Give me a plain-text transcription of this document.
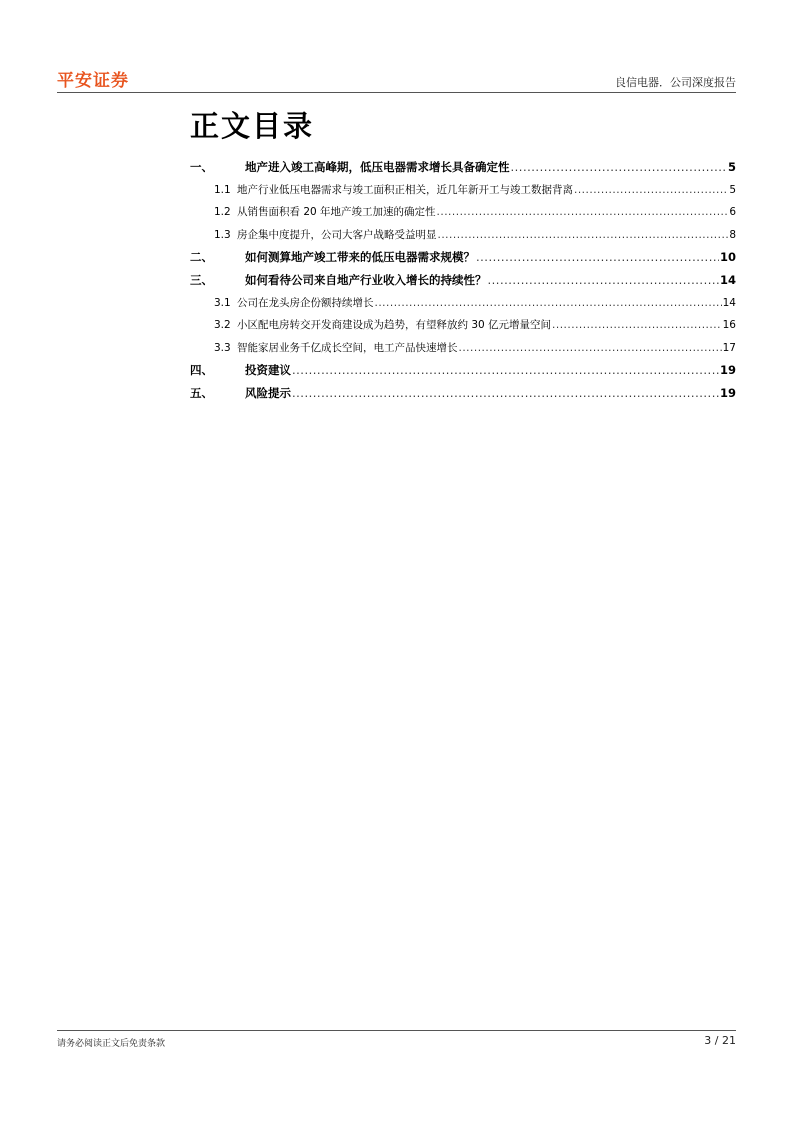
平安证券	良信电器．公司深度报告
正文目录
一、	地产进入竣工高峰期，低压电器需求增长具备确定性 .....	5
1.1 地产行业低压电器需求与竣工面积正相关，近几年新开工与竣工数据背离 .....	5
1.2 从销售面积看 20 年地产竣工加速的确定性 .....	6
1.3 房企集中度提升，公司大客户战略受益明显 .....	8
二、	如何测算地产竣工带来的低压电器需求规模？ .....	10
三、	如何看待公司来自地产行业收入增长的持续性？ .....	14
3.1 公司在龙头房企份额持续增长 .....	14
3.2 小区配电房转交开发商建设成为趋势，有望释放约 30 亿元增量空间 .....	16
3.3 智能家居业务千亿成长空间，电工产品快速增长 .....	17
四、	投资建议 .....	19
五、	风险提示 .....	19
请务必阅读正文后免责条款	3 / 21
